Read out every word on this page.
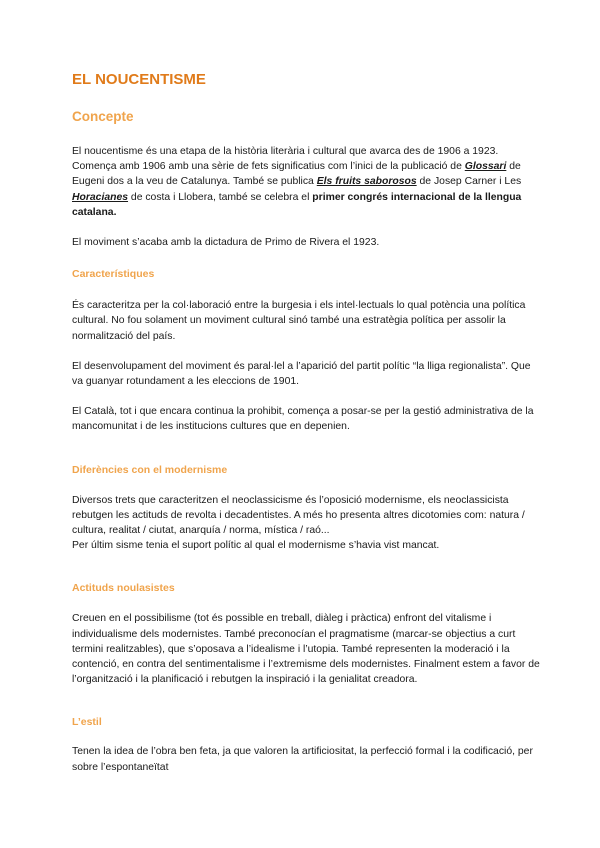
EL NOUCENTISME
Concepte

El noucentisme és una etapa de la història literària i cultural que avarca des de 1906 a 1923. Comença amb 1906 amb una sèrie de fets significatius com l’inici de la publicació de Glossari de Eugeni dos a la veu de Catalunya. També se publica Els fruits saborosos de Josep Carner i Les Horacianes de costa i Llobera, també se celebra el primer congrés internacional de la llengua catalana.

El moviment s’acaba amb la dictadura de Primo de Rivera el 1923.

Característiques

És caracteritza per la col·laboració entre la burgesia i els intel·lectuals lo qual potència una política cultural. No fou solament un moviment cultural sinó també una estratègia política per assolir la normalització del país.

El desenvolupament del moviment és paral·lel a l’aparició del partit polític “la lliga regionalista”. Que va guanyar rotundament a les eleccions de 1901.

El Català, tot i que encara continua la prohibit, comença a posar-se per la gestió administrativa de la mancomunitat i de les institucions cultures que en depenien.

Diferències con el modernisme

Diversos trets que caracteritzen el neoclassicisme és l’oposició modernisme, els neoclassicista rebutgen les actituds de revolta i decadentistes. A més ho presenta altres dicotomies com: natura / cultura, realitat / ciutat, anarquía / norma, mística / raó...
Per últim sisme tenia el suport polític al qual el modernisme s’havia vist mancat.

Actituds noulasistes

Creuen en el possibilisme (tot és possible en treball, diàleg i pràctica) enfront del vitalisme i individualisme dels modernistes. També preconocían el pragmatisme (marcar-se objectius a curt termini realitzables), que s’oposava a l’idealisme i l’utopia. També representen la moderació i la contenció, en contra del sentimentalisme i l’extremisme dels modernistes. Finalment estem a favor de l’organització i la planificació i rebutgen la inspiració i la genialitat creadora.

L’estil

Tenen la idea de l’obra ben feta, ja que valoren la artificiositat, la perfecció formal i la codificació, per sobre l’espontaneïtat
